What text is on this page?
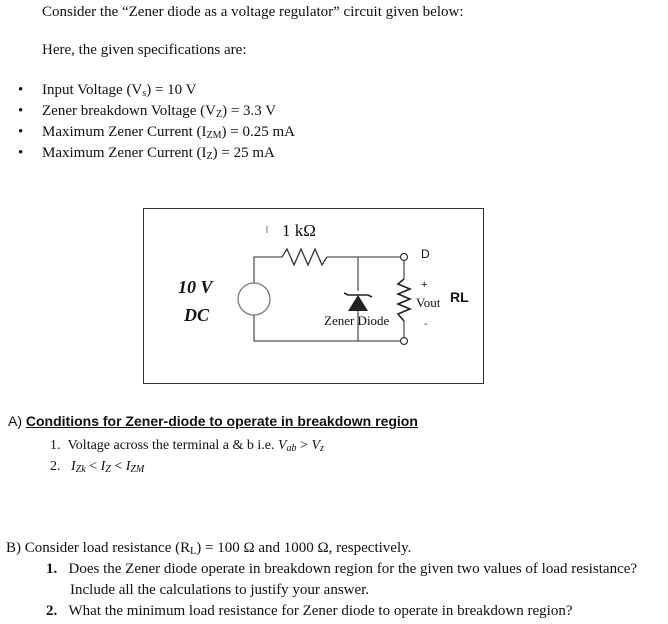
Consider the “Zener diode as a voltage regulator” circuit given below:
Here, the given specifications are:
• Input Voltage $(V_s) = 10$ V
• Zener breakdown Voltage $(V_Z) = 3.3$ V
• Maximum Zener Current $(I_{ZM}) = 0.25$ mA
• Maximum Zener Current $(I_Z) = 25$ mA
1 kΩ
10 V
DC
D
+
Vout RL
-
Zener Diode
A) Conditions for Zener-diode to operate in breakdown region
1. Voltage across the terminal a & b i.e. $V_{ab} > V_z$
2. $I_{Zk} < I_Z < I_{ZM}$
B) Consider load resistance $(R_L) = 100$ Ω and 1000 Ω, respectively.
1. Does the Zener diode operate in breakdown region for the given two values of load resistance?
Include all the calculations to justify your answer.
2. What the minimum load resistance for Zener diode to operate in breakdown region?
